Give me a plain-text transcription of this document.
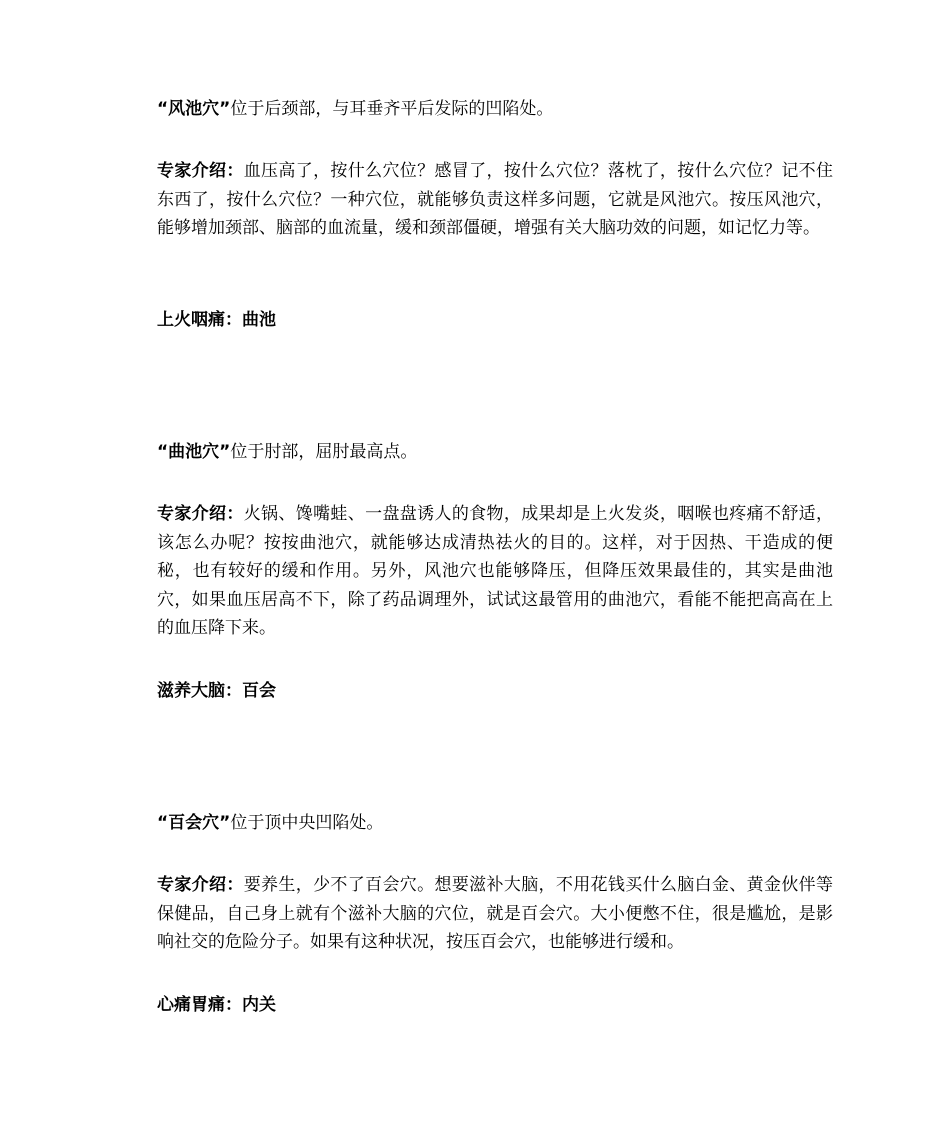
“风池穴”位于后颈部，与耳垂齐平后发际的凹陷处。

专家介绍：血压高了，按什么穴位？感冒了，按什么穴位？落枕了，按什么穴位？记不住东西了，按什么穴位？一种穴位，就能够负责这样多问题，它就是风池穴。按压风池穴，能够增加颈部、脑部的血流量，缓和颈部僵硬，增强有关大脑功效的问题，如记忆力等。

上火咽痛：曲池

“曲池穴”位于肘部，屈肘最高点。

专家介绍：火锅、馋嘴蛙、一盘盘诱人的食物，成果却是上火发炎，咽喉也疼痛不舒适，该怎么办呢？按按曲池穴，就能够达成清热祛火的目的。这样，对于因热、干造成的便秘，也有较好的缓和作用。另外，风池穴也能够降压，但降压效果最佳的，其实是曲池穴，如果血压居高不下，除了药品调理外，试试这最管用的曲池穴，看能不能把高高在上的血压降下来。

滋养大脑：百会

“百会穴”位于顶中央凹陷处。

专家介绍：要养生，少不了百会穴。想要滋补大脑，不用花钱买什么脑白金、黄金伙伴等保健品，自己身上就有个滋补大脑的穴位，就是百会穴。大小便憋不住，很是尴尬，是影响社交的危险分子。如果有这种状况，按压百会穴，也能够进行缓和。

心痛胃痛：内关
